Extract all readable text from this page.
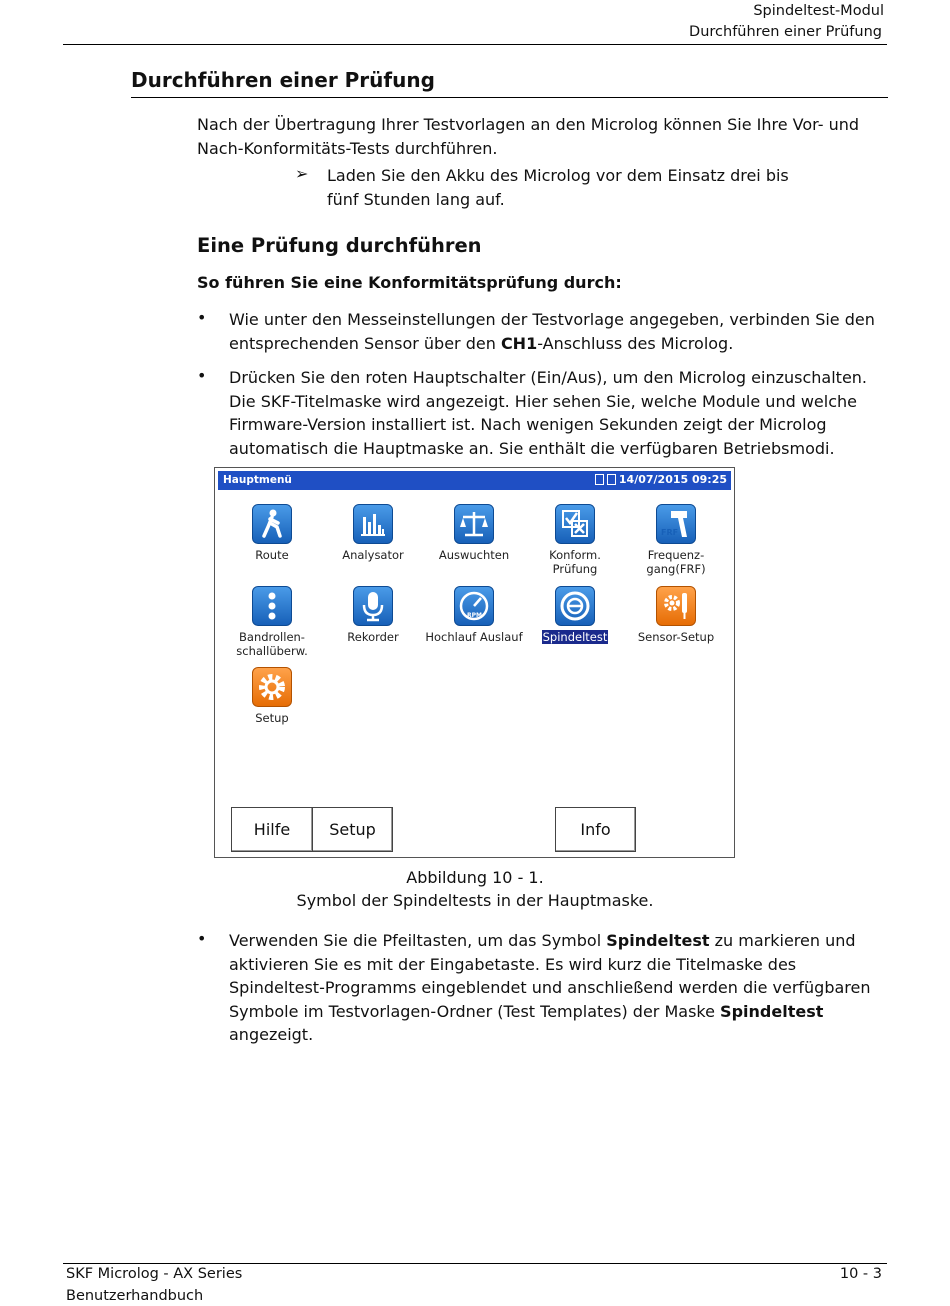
Spindeltest-Modul
Durchführen einer Prüfung
Durchführen einer Prüfung
Nach der Übertragung Ihrer Testvorlagen an den Microlog können Sie Ihre Vor- und Nach-Konformitäts-Tests durchführen.
➢ Laden Sie den Akku des Microlog vor dem Einsatz drei bis fünf Stunden lang auf.
Eine Prüfung durchführen
So führen Sie eine Konformitätsprüfung durch:
• Wie unter den Messeinstellungen der Testvorlage angegeben, verbinden Sie den entsprechenden Sensor über den CH1-Anschluss des Microlog.
• Drücken Sie den roten Hauptschalter (Ein/Aus), um den Microlog einzuschalten. Die SKF-Titelmaske wird angezeigt. Hier sehen Sie, welche Module und welche Firmware-Version installiert ist. Nach wenigen Sekunden zeigt der Microlog automatisch die Hauptmaske an. Sie enthält die verfügbaren Betriebsmodi.
Hauptmenü	14/07/2015 09:25
Route	Analysator	Auswuchten	Konform. Prüfung
FRF
Frequenz-
gang(FRF)
Bandrollen-
schallüberw.
Rekorder
RPM
Hochlauf Auslauf	Spindeltest	Sensor-Setup
Setup
Hilfe	Setup	Info
Abbildung 10 - 1.
Symbol der Spindeltests in der Hauptmaske.
• Verwenden Sie die Pfeiltasten, um das Symbol Spindeltest zu markieren und aktivieren Sie es mit der Eingabetaste. Es wird kurz die Titelmaske des Spindeltest-Programms eingeblendet und anschließend werden die verfügbaren Symbole im Testvorlagen-Ordner (Test Templates) der Maske Spindeltest angezeigt.
SKF Microlog - AX Series
Benutzerhandbuch
10 - 3
